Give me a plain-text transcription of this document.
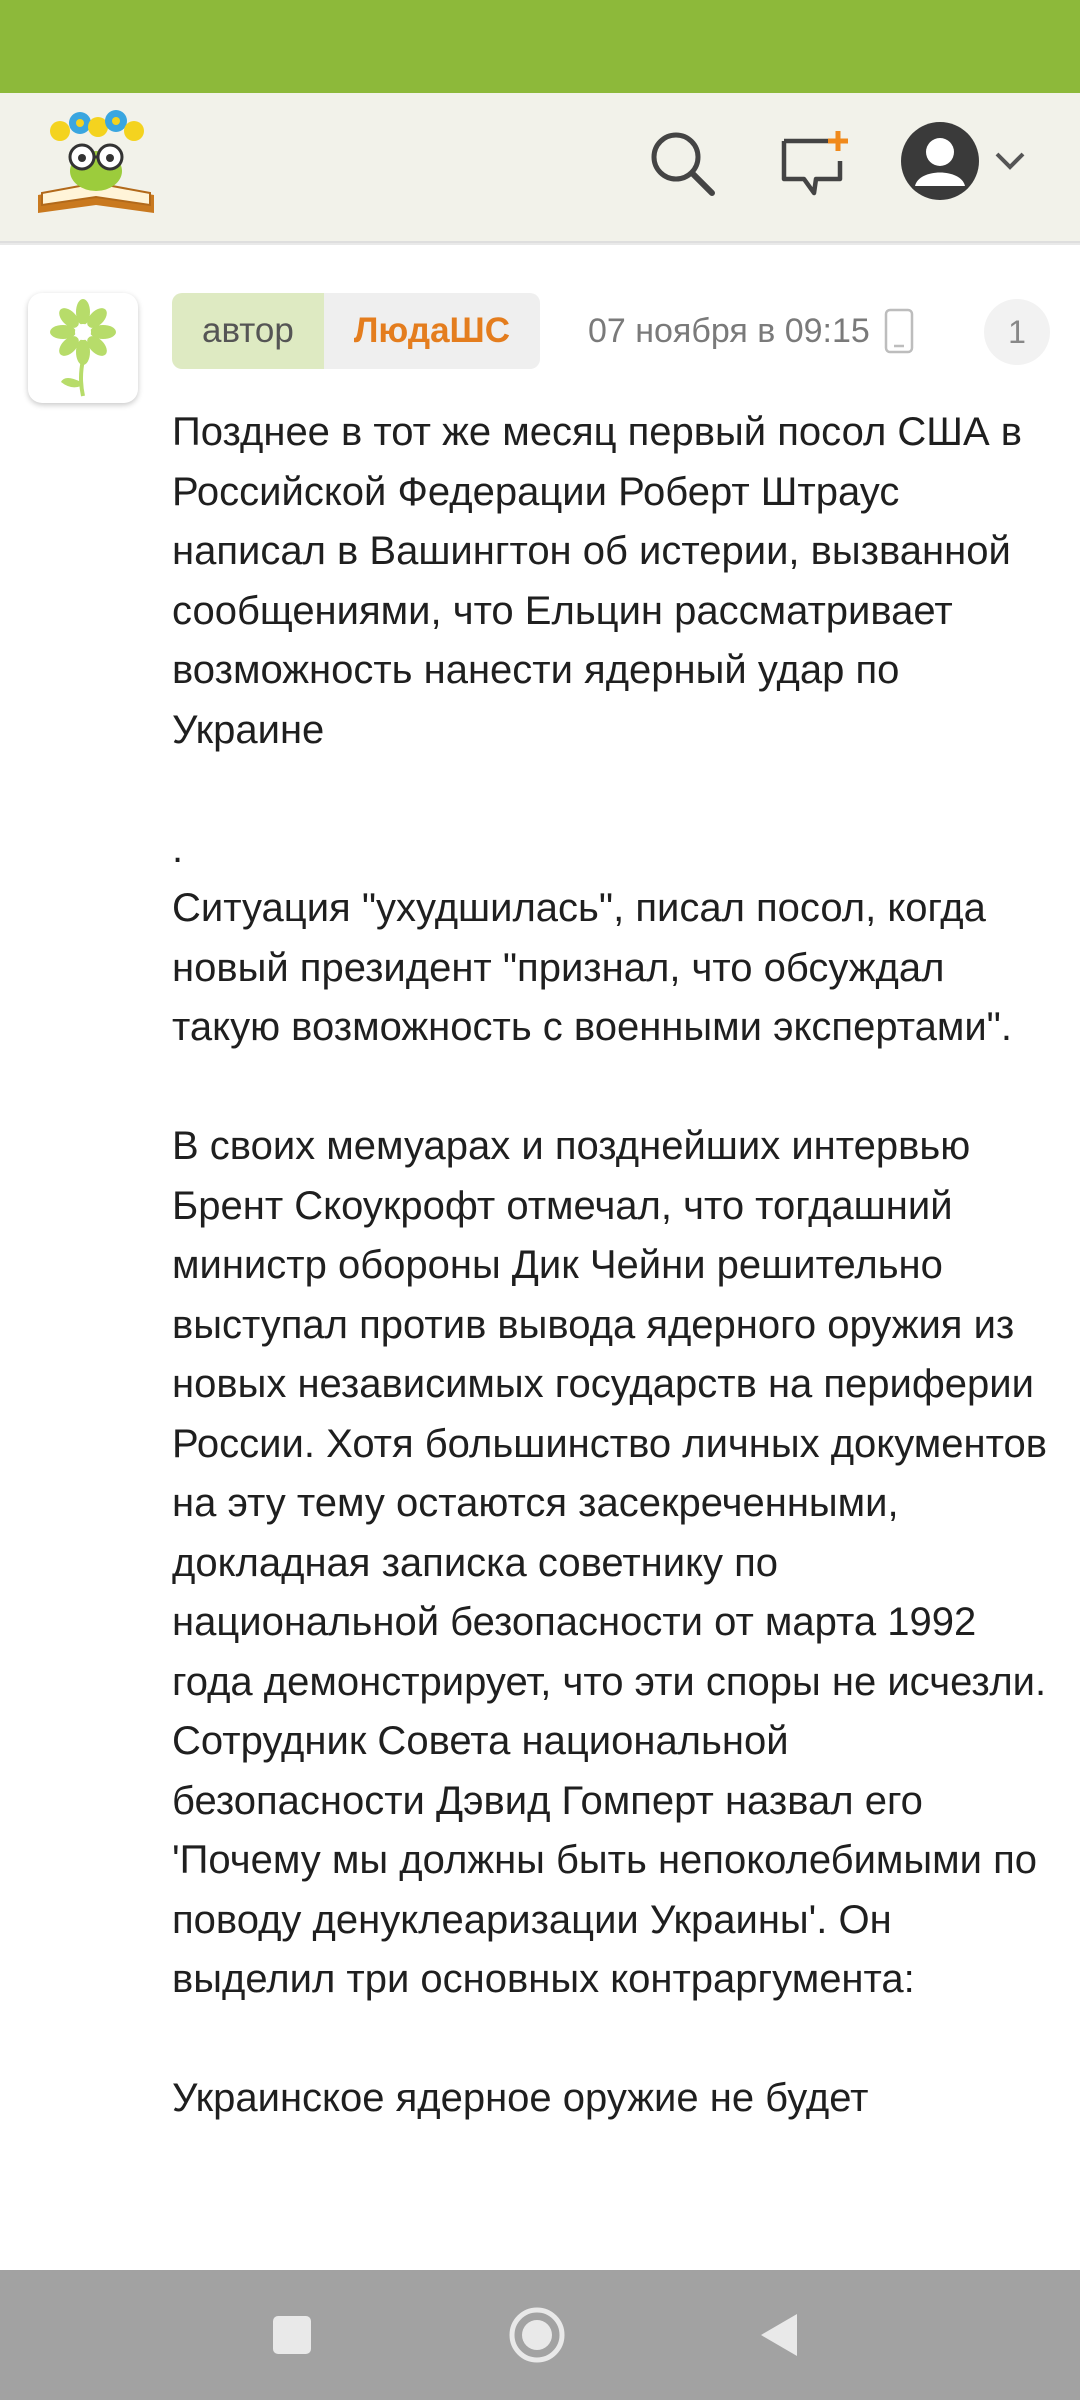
автор	ЛюдаШС	07 ноября в 09:15	1

Позднее в тот же месяц первый посол США в Российской Федерации Роберт Штраус написал в Вашингтон об истерии, вызванной сообщениями, что Ельцин рассматривает возможность нанести ядерный удар по Украине

.
Ситуация "ухудшилась", писал посол, когда новый президент "признал, что обсуждал такую возможность с военными экспертами".

В своих мемуарах и позднейших интервью Брент Скоукрофт отмечал, что тогдашний министр обороны Дик Чейни решительно выступал против вывода ядерного оружия из новых независимых государств на периферии России. Хотя большинство личных документов на эту тему остаются засекреченными, докладная записка советнику по национальной безопасности от марта 1992 года демонстрирует, что эти споры не исчезли. Сотрудник Совета национальной безопасности Дэвид Гомперт назвал его 'Почему мы должны быть непоколебимыми по поводу денуклеаризации Украины'. Он выделил три основных контраргумента:

Украинское ядерное оружие не будет
